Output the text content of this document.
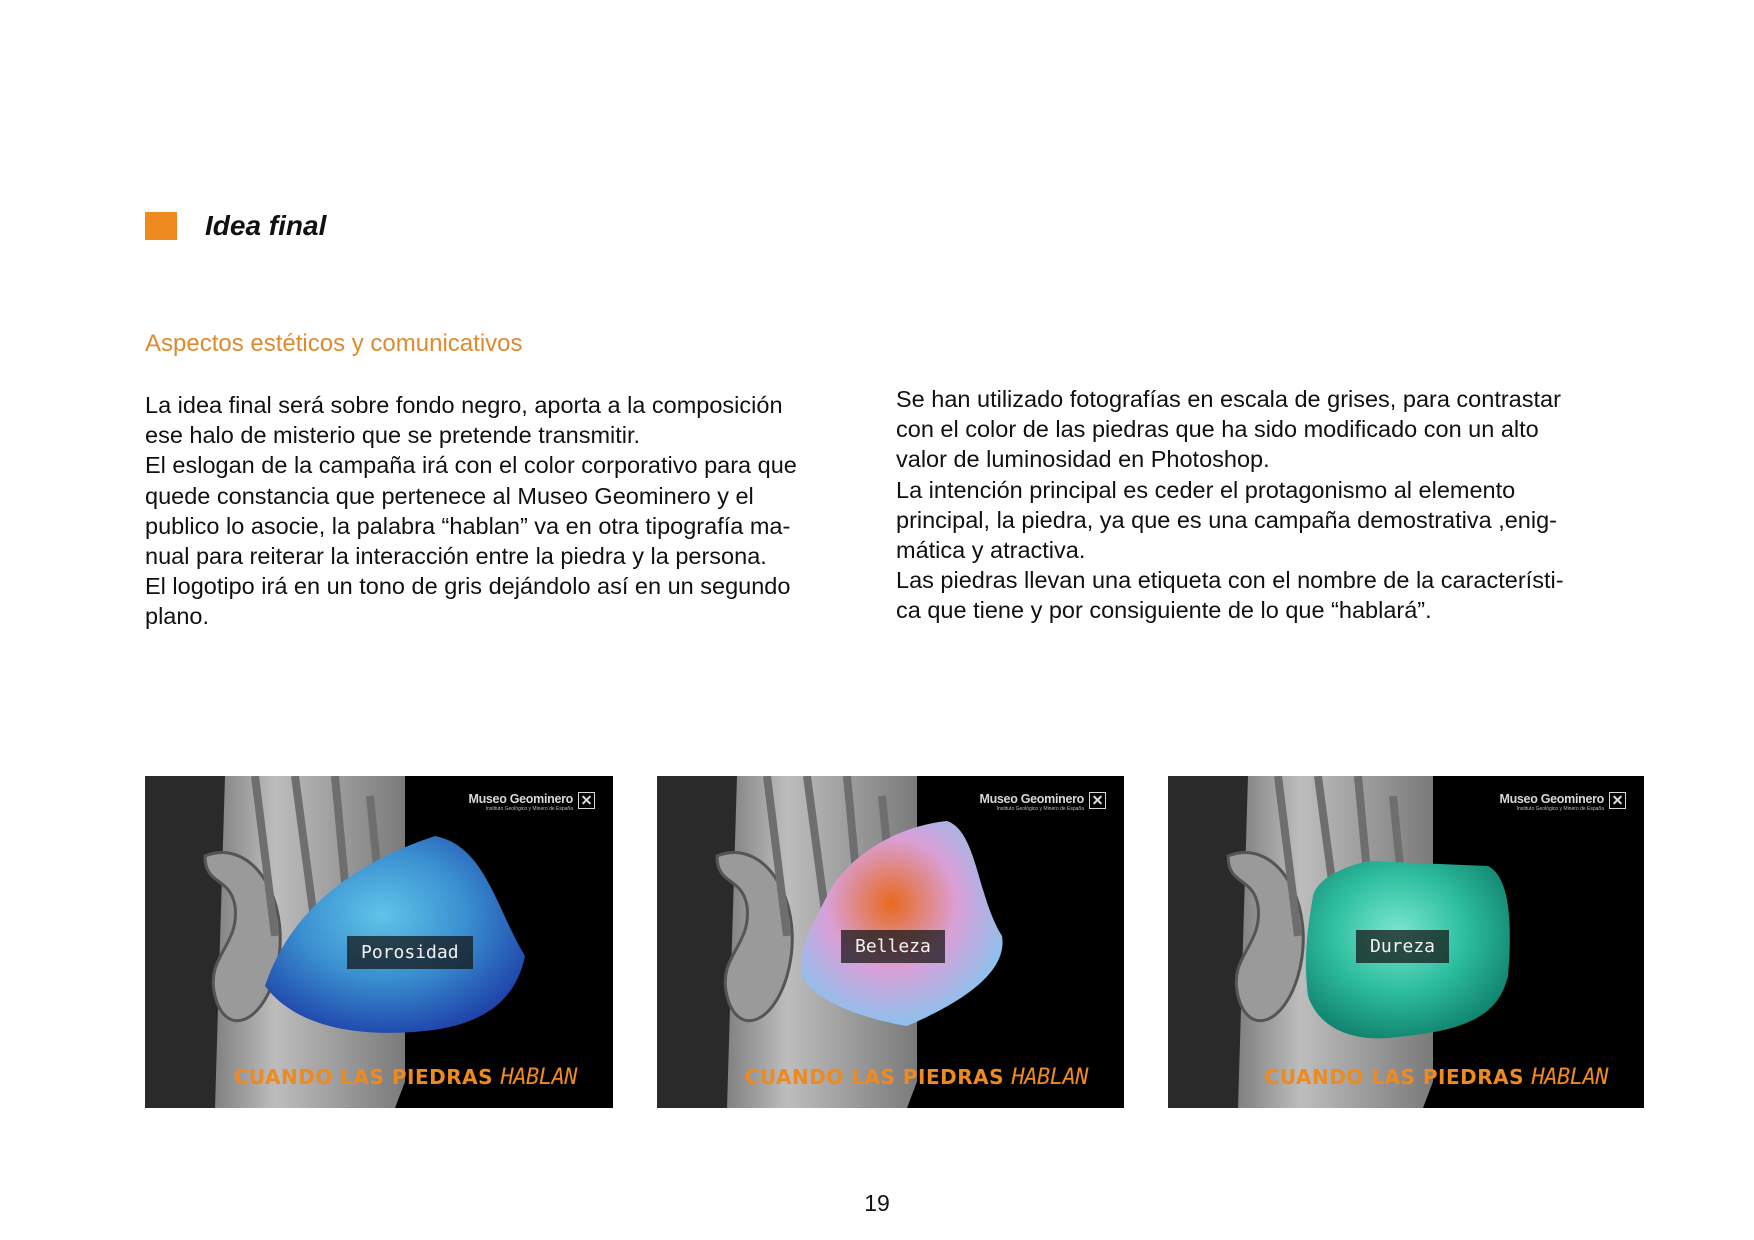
Idea final
Aspectos estéticos y comunicativos

La idea final será sobre fondo negro, aporta a la composición

ese halo de misterio que se pretende transmitir.

El eslogan de la campaña irá con el color corporativo para que

quede constancia que pertenece al Museo Geominero y el

publico lo asocie, la palabra “hablan” va en otra tipografía ma-

nual para reiterar la interacción entre la piedra y la persona.

El logotipo irá en un tono de gris dejándolo así en un segundo

plano.

Se han utilizado fotografías en escala de grises, para contrastar

con el color de las piedras que ha sido modificado con un alto

valor de luminosidad en Photoshop.

La intención principal es ceder el protagonismo al elemento

principal, la piedra, ya que es una campaña demostrativa ,enig-

mática y atractiva.

Las piedras llevan una etiqueta con el nombre de la característi-

ca que tiene y por consiguiente de lo que “hablará”.

Museo Geominero
Instituto Geológico y Minero de España
Porosidad
CUANDO LAS PIEDRAS HABLAN
Museo Geominero
Instituto Geológico y Minero de España
Belleza
CUANDO LAS PIEDRAS HABLAN
Museo Geominero
Instituto Geológico y Minero de España
Dureza
CUANDO LAS PIEDRAS HABLAN
19
